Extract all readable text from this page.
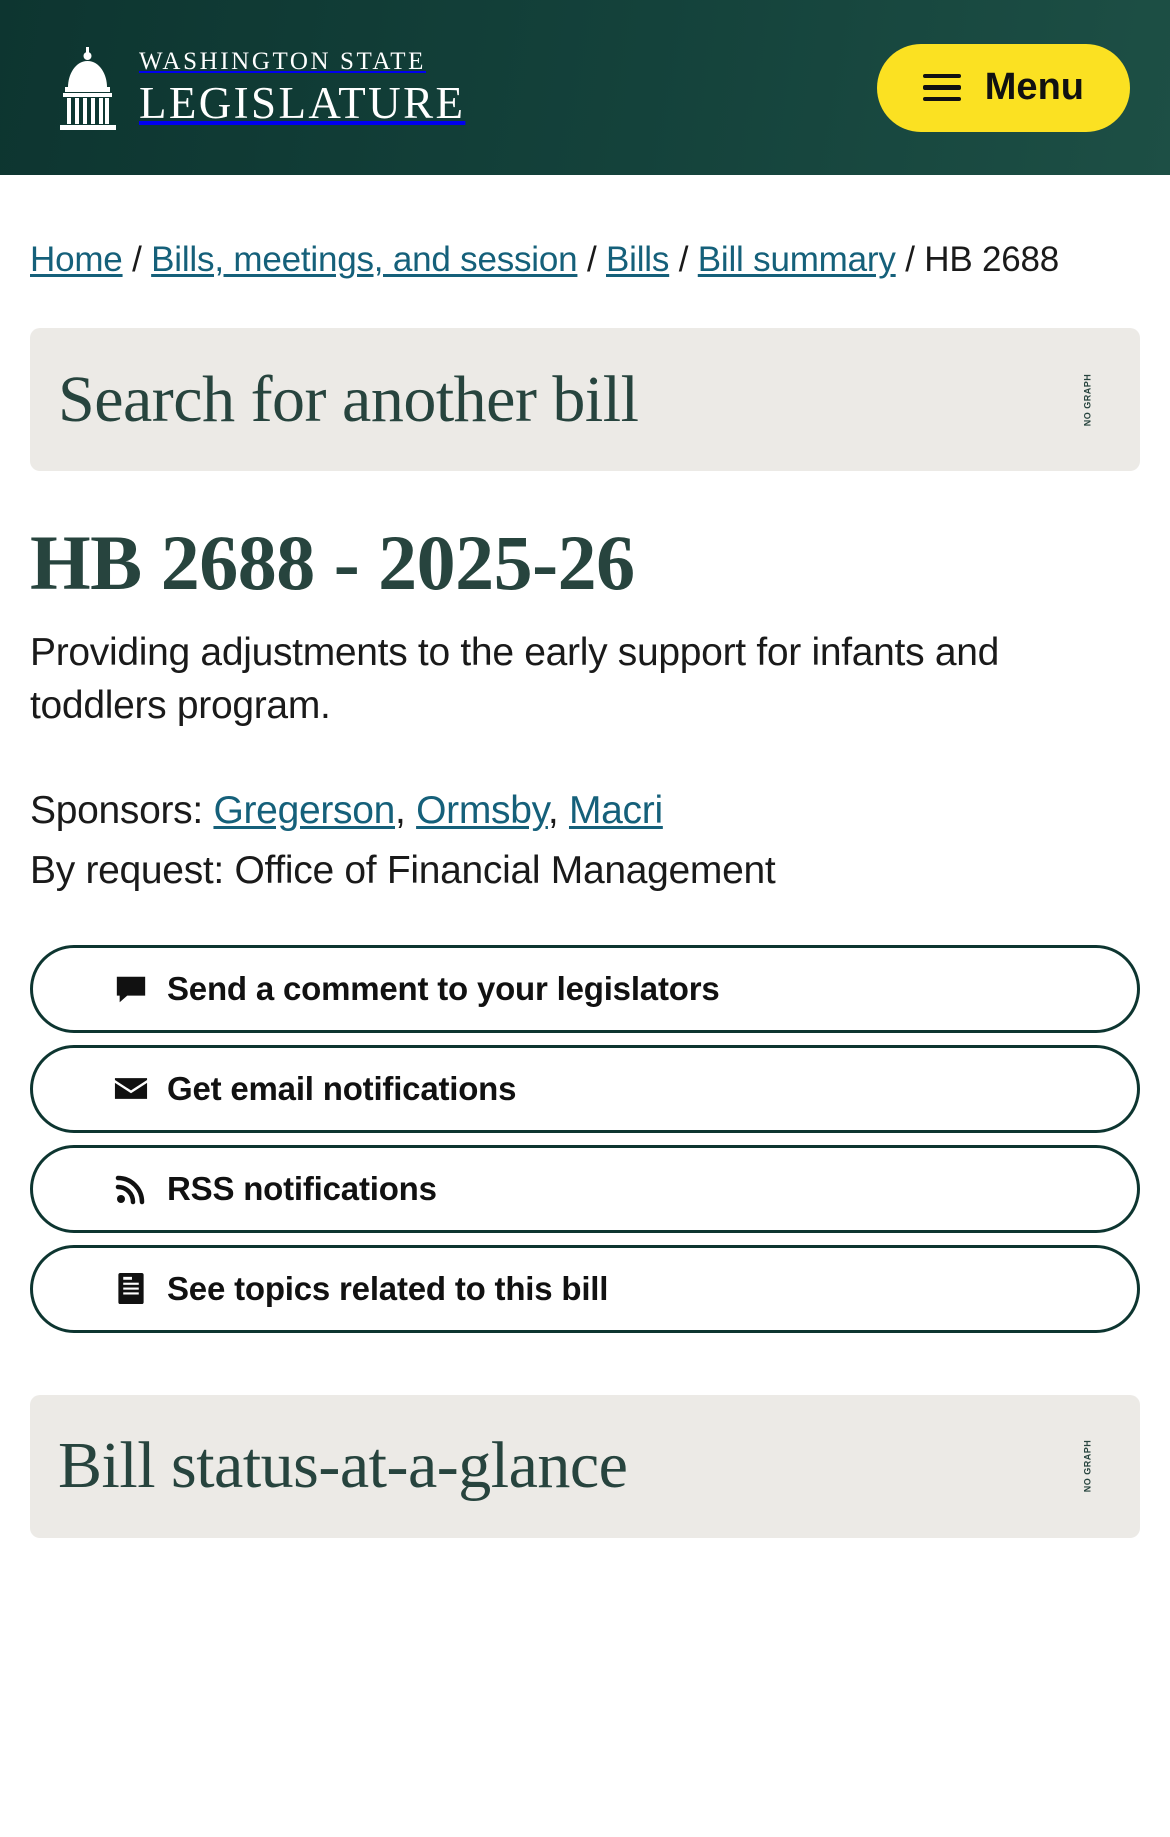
WASHINGTON STATE
LEGISLATURE	Menu
Home / Bills, meetings, and session / Bills / Bill summary / HB 2688
Search for another bill	NO GRAPH
HB 2688 - 2025-26

Providing adjustments to the early support for infants and toddlers program.

Sponsors: Gregerson, Ormsby, Macri

By request: Office of Financial Management

Send a comment to your legislators
Get email notifications
RSS notifications
See topics related to this bill
Bill status-at-a-glance	NO GRAPH
